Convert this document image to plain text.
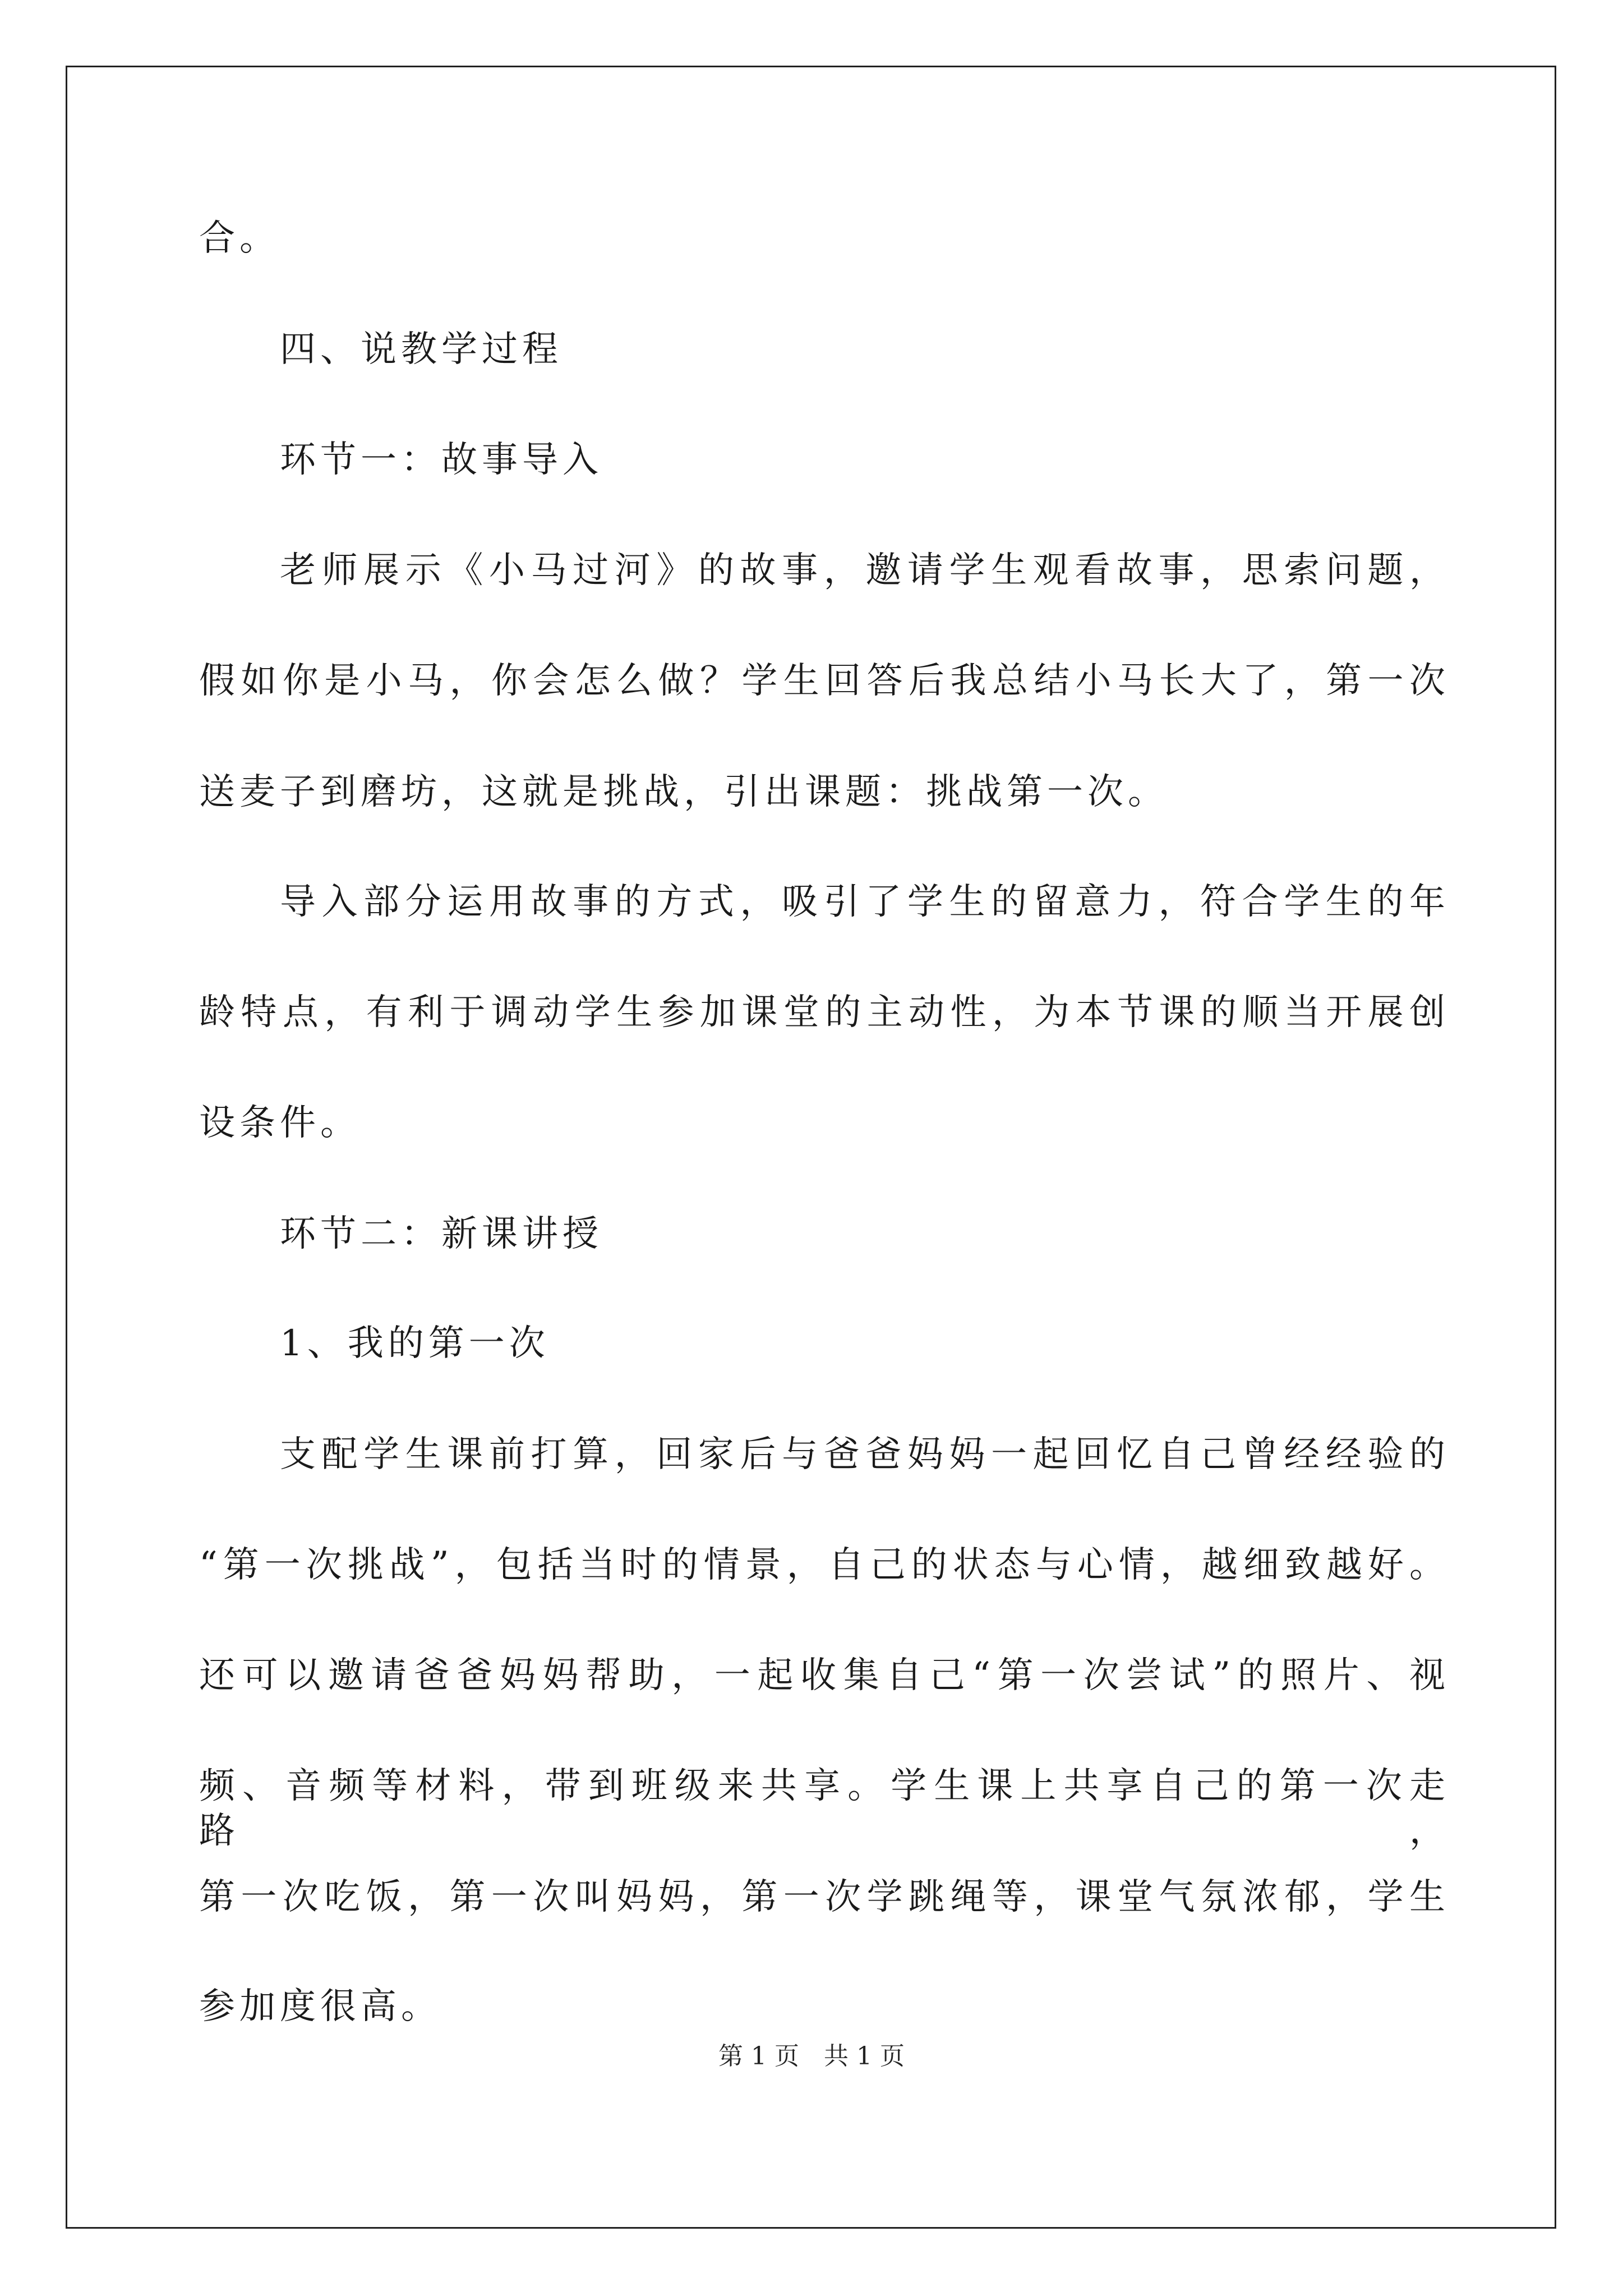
合。
四、说教学过程
环节一：故事导入
老师展示《小马过河》的故事，邀请学生观看故事，思索问题，
假如你是小马，你会怎么做？学生回答后我总结小马长大了，第一次
送麦子到磨坊，这就是挑战，引出课题：挑战第一次。
导入部分运用故事的方式，吸引了学生的留意力，符合学生的年
龄特点，有利于调动学生参加课堂的主动性，为本节课的顺当开展创
设条件。
环节二：新课讲授
1、我的第一次
支配学生课前打算，回家后与爸爸妈妈一起回忆自己曾经经验的
“第一次挑战”，包括当时的情景，自己的状态与心情，越细致越好。
还可以邀请爸爸妈妈帮助，一起收集自己“第一次尝试”的照片、视
频、音频等材料，带到班级来共享。学生课上共享自己的第一次走路，
第一次吃饭，第一次叫妈妈，第一次学跳绳等，课堂气氛浓郁，学生
参加度很高。
第 1 页 共 1 页
